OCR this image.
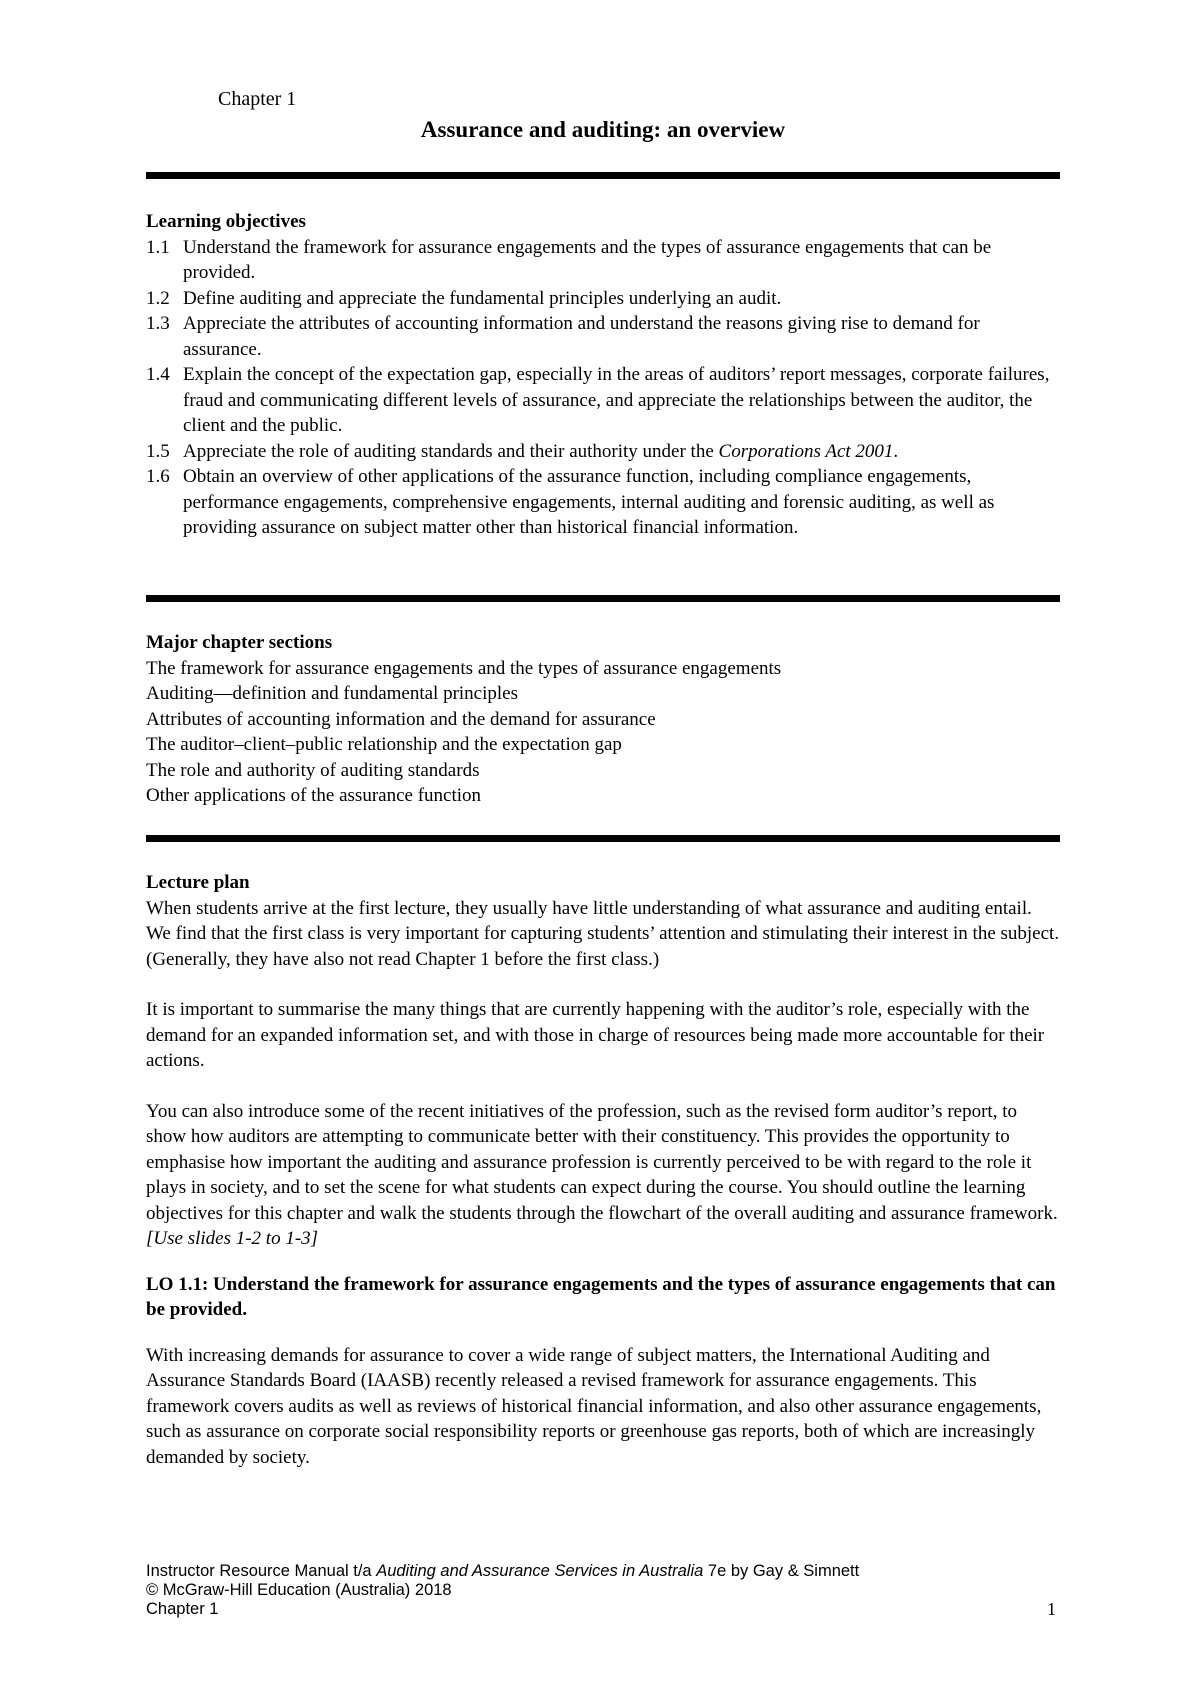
Chapter 1
Assurance and auditing: an overview
Learning objectives
1.1 Understand the framework for assurance engagements and the types of assurance engagements that can be provided.
1.2 Define auditing and appreciate the fundamental principles underlying an audit.
1.3 Appreciate the attributes of accounting information and understand the reasons giving rise to demand for assurance.
1.4 Explain the concept of the expectation gap, especially in the areas of auditors’ report messages, corporate failures, fraud and communicating different levels of assurance, and appreciate the relationships between the auditor, the client and the public.
1.5 Appreciate the role of auditing standards and their authority under the Corporations Act 2001.
1.6 Obtain an overview of other applications of the assurance function, including compliance engagements, performance engagements, comprehensive engagements, internal auditing and forensic auditing, as well as providing assurance on subject matter other than historical financial information.
Major chapter sections
The framework for assurance engagements and the types of assurance engagements
Auditing—definition and fundamental principles
Attributes of accounting information and the demand for assurance
The auditor–client–public relationship and the expectation gap
The role and authority of auditing standards
Other applications of the assurance function
Lecture plan

When students arrive at the first lecture, they usually have little understanding of what assurance and auditing entail. We find that the first class is very important for capturing students’ attention and stimulating their interest in the subject. (Generally, they have also not read Chapter 1 before the first class.)

It is important to summarise the many things that are currently happening with the auditor’s role, especially with the demand for an expanded information set, and with those in charge of resources being made more accountable for their actions.

You can also introduce some of the recent initiatives of the profession, such as the revised form auditor’s report, to show how auditors are attempting to communicate better with their constituency. This provides the opportunity to emphasise how important the auditing and assurance profession is currently perceived to be with regard to the role it plays in society, and to set the scene for what students can expect during the course. You should outline the learning objectives for this chapter and walk the students through the flowchart of the overall auditing and assurance framework.
[Use slides 1-2 to 1-3]

LO 1.1: Understand the framework for assurance engagements and the types of assurance engagements that can be provided.

With increasing demands for assurance to cover a wide range of subject matters, the International Auditing and Assurance Standards Board (IAASB) recently released a revised framework for assurance engagements. This framework covers audits as well as reviews of historical financial information, and also other assurance engagements, such as assurance on corporate social responsibility reports or greenhouse gas reports, both of which are increasingly demanded by society.

Instructor Resource Manual t/a Auditing and Assurance Services in Australia 7e by Gay & Simnett
© McGraw-Hill Education (Australia) 2018
Chapter 1	1
